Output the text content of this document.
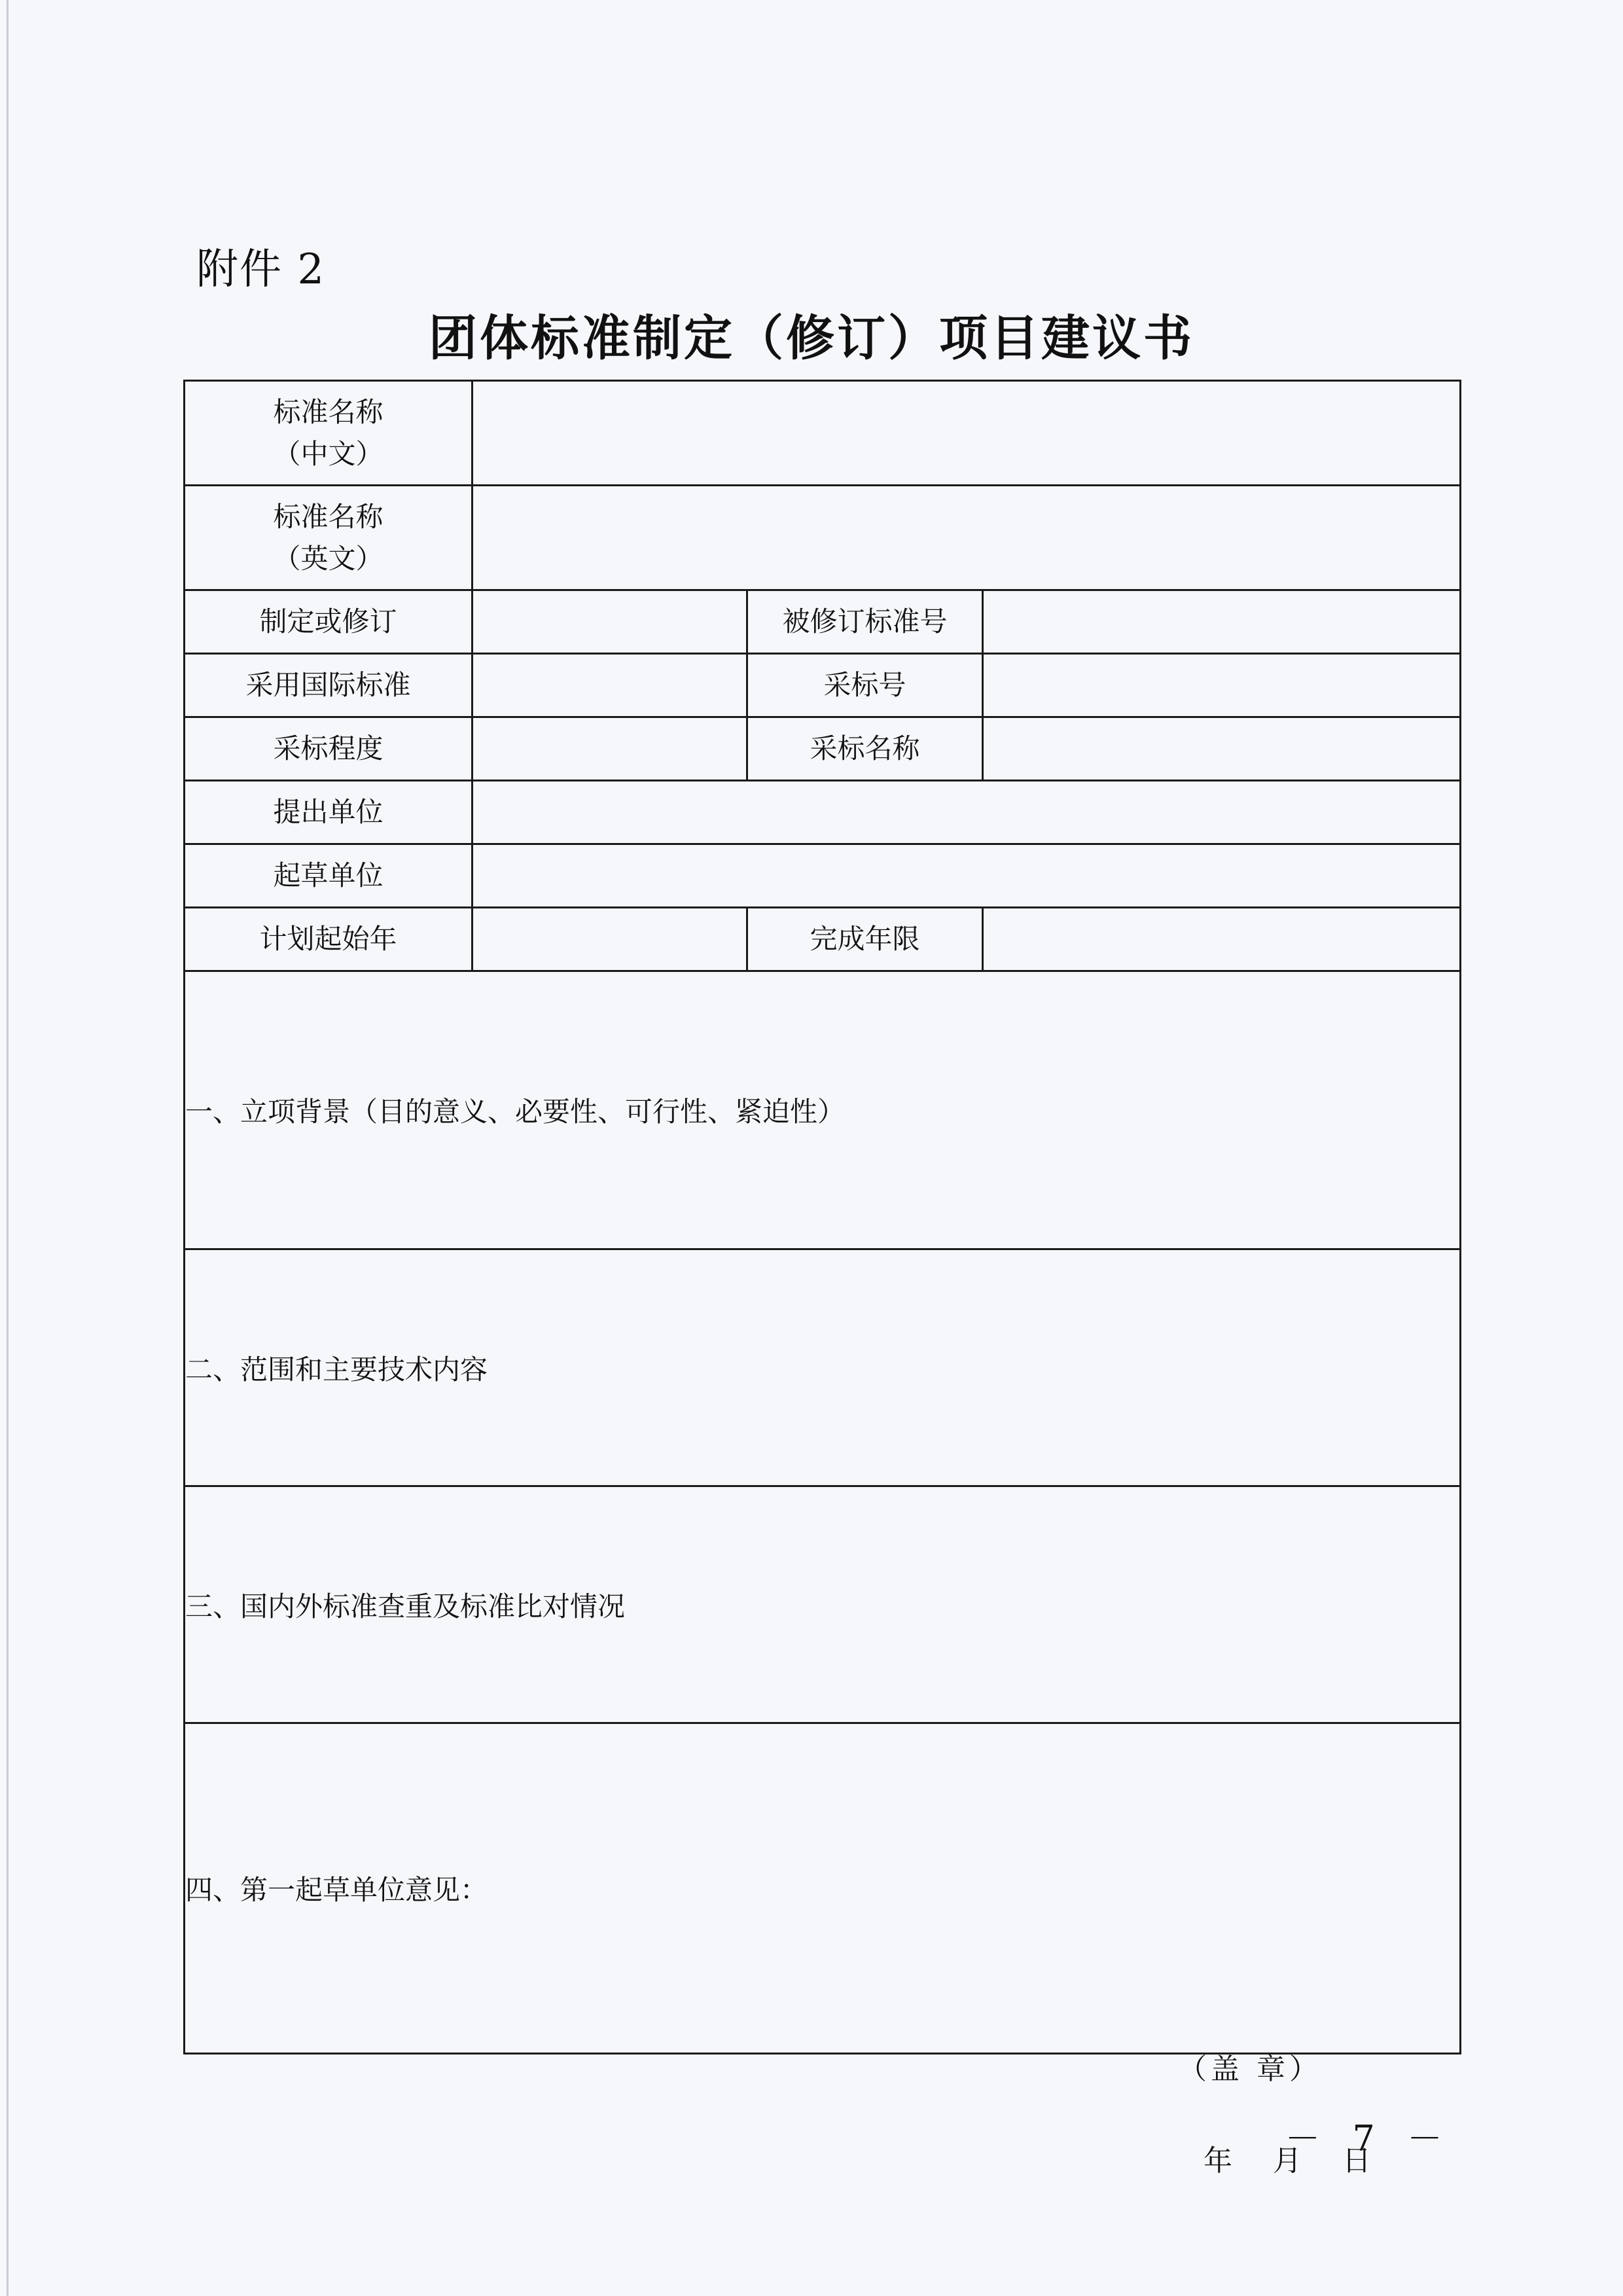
附件 2
团体标准制定（修订）项目建议书
标准名称
（中文）			

标准名称
（英文）			

制定或修订		被修订标准号	
采用国际标准		采标号	
采标程度		采标名称	
提出单位			
起草单位			
计划起始年		完成年限	
一、立项背景（目的意义、必要性、可行性、紧迫性）			
二、范围和主要技术内容			
三、国内外标准查重及标准比对情况			

四、第一起草单位意见：
（盖 章）
年 月 日			
－ 7 －
